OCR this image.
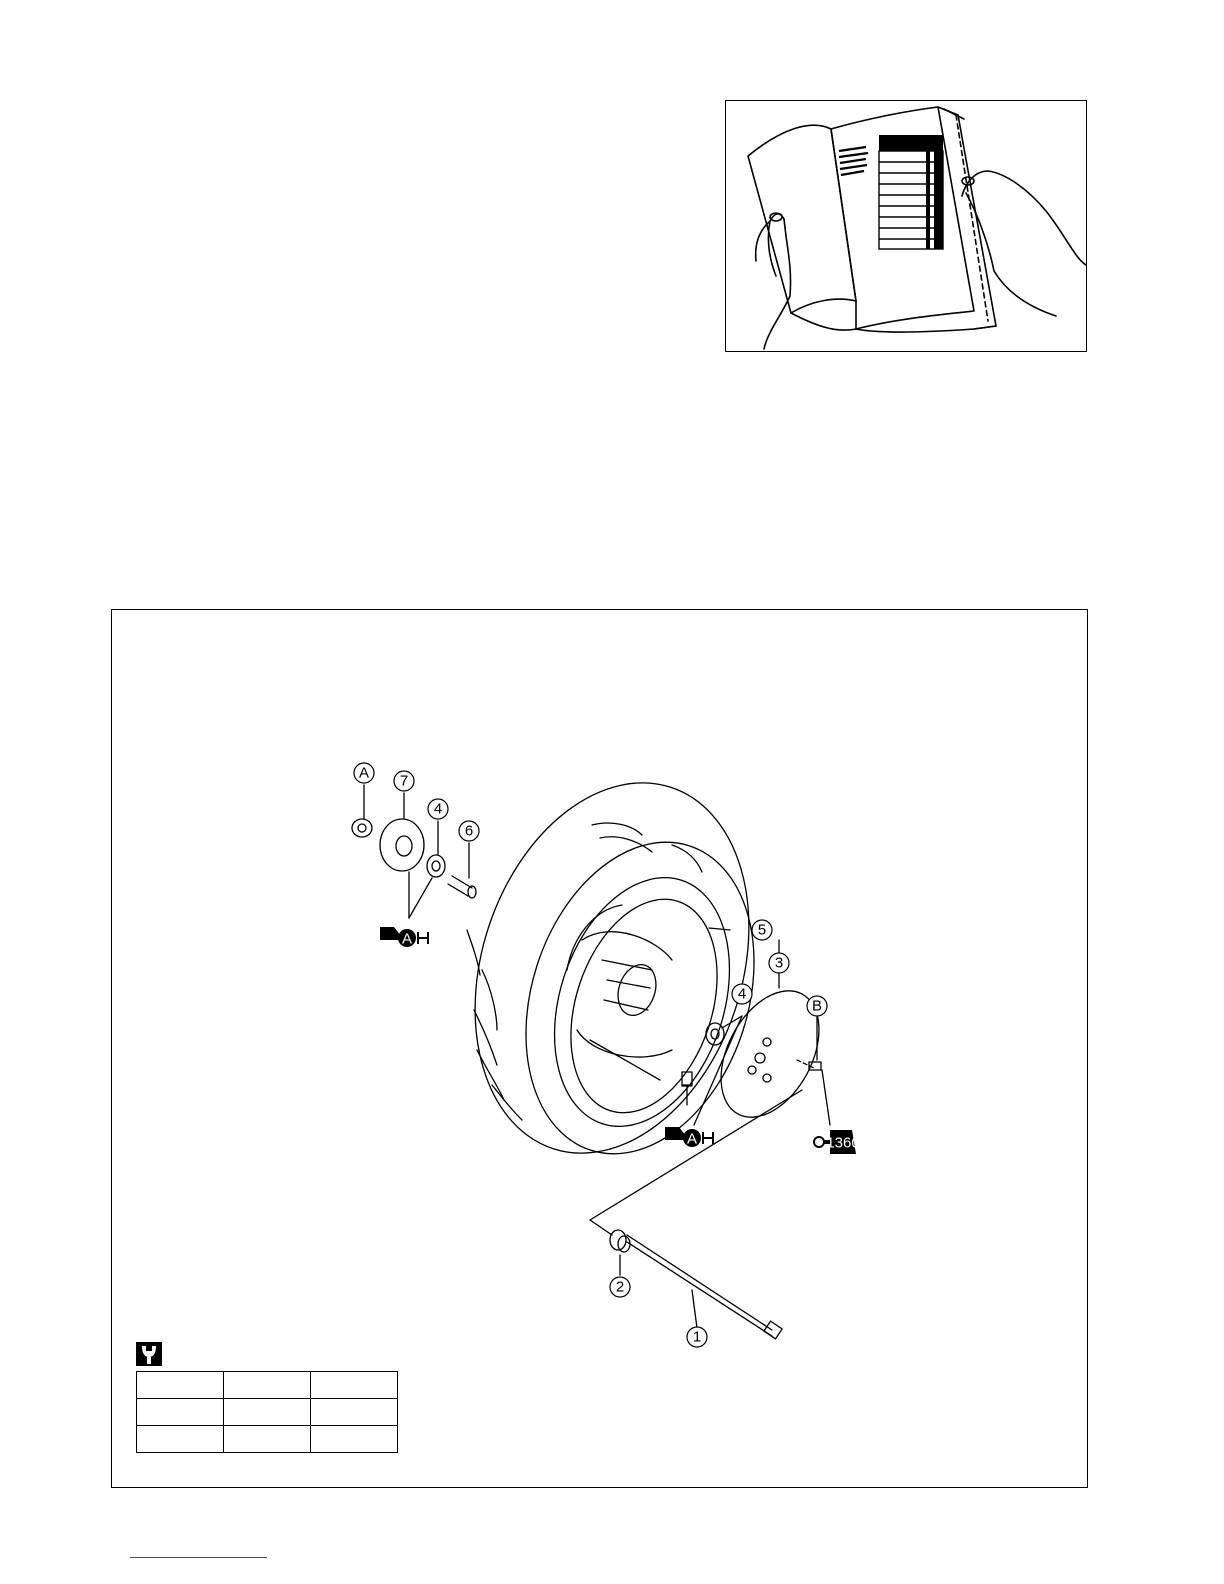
A
A	1360
A 7
4
6
5
3
4
B
2
1
